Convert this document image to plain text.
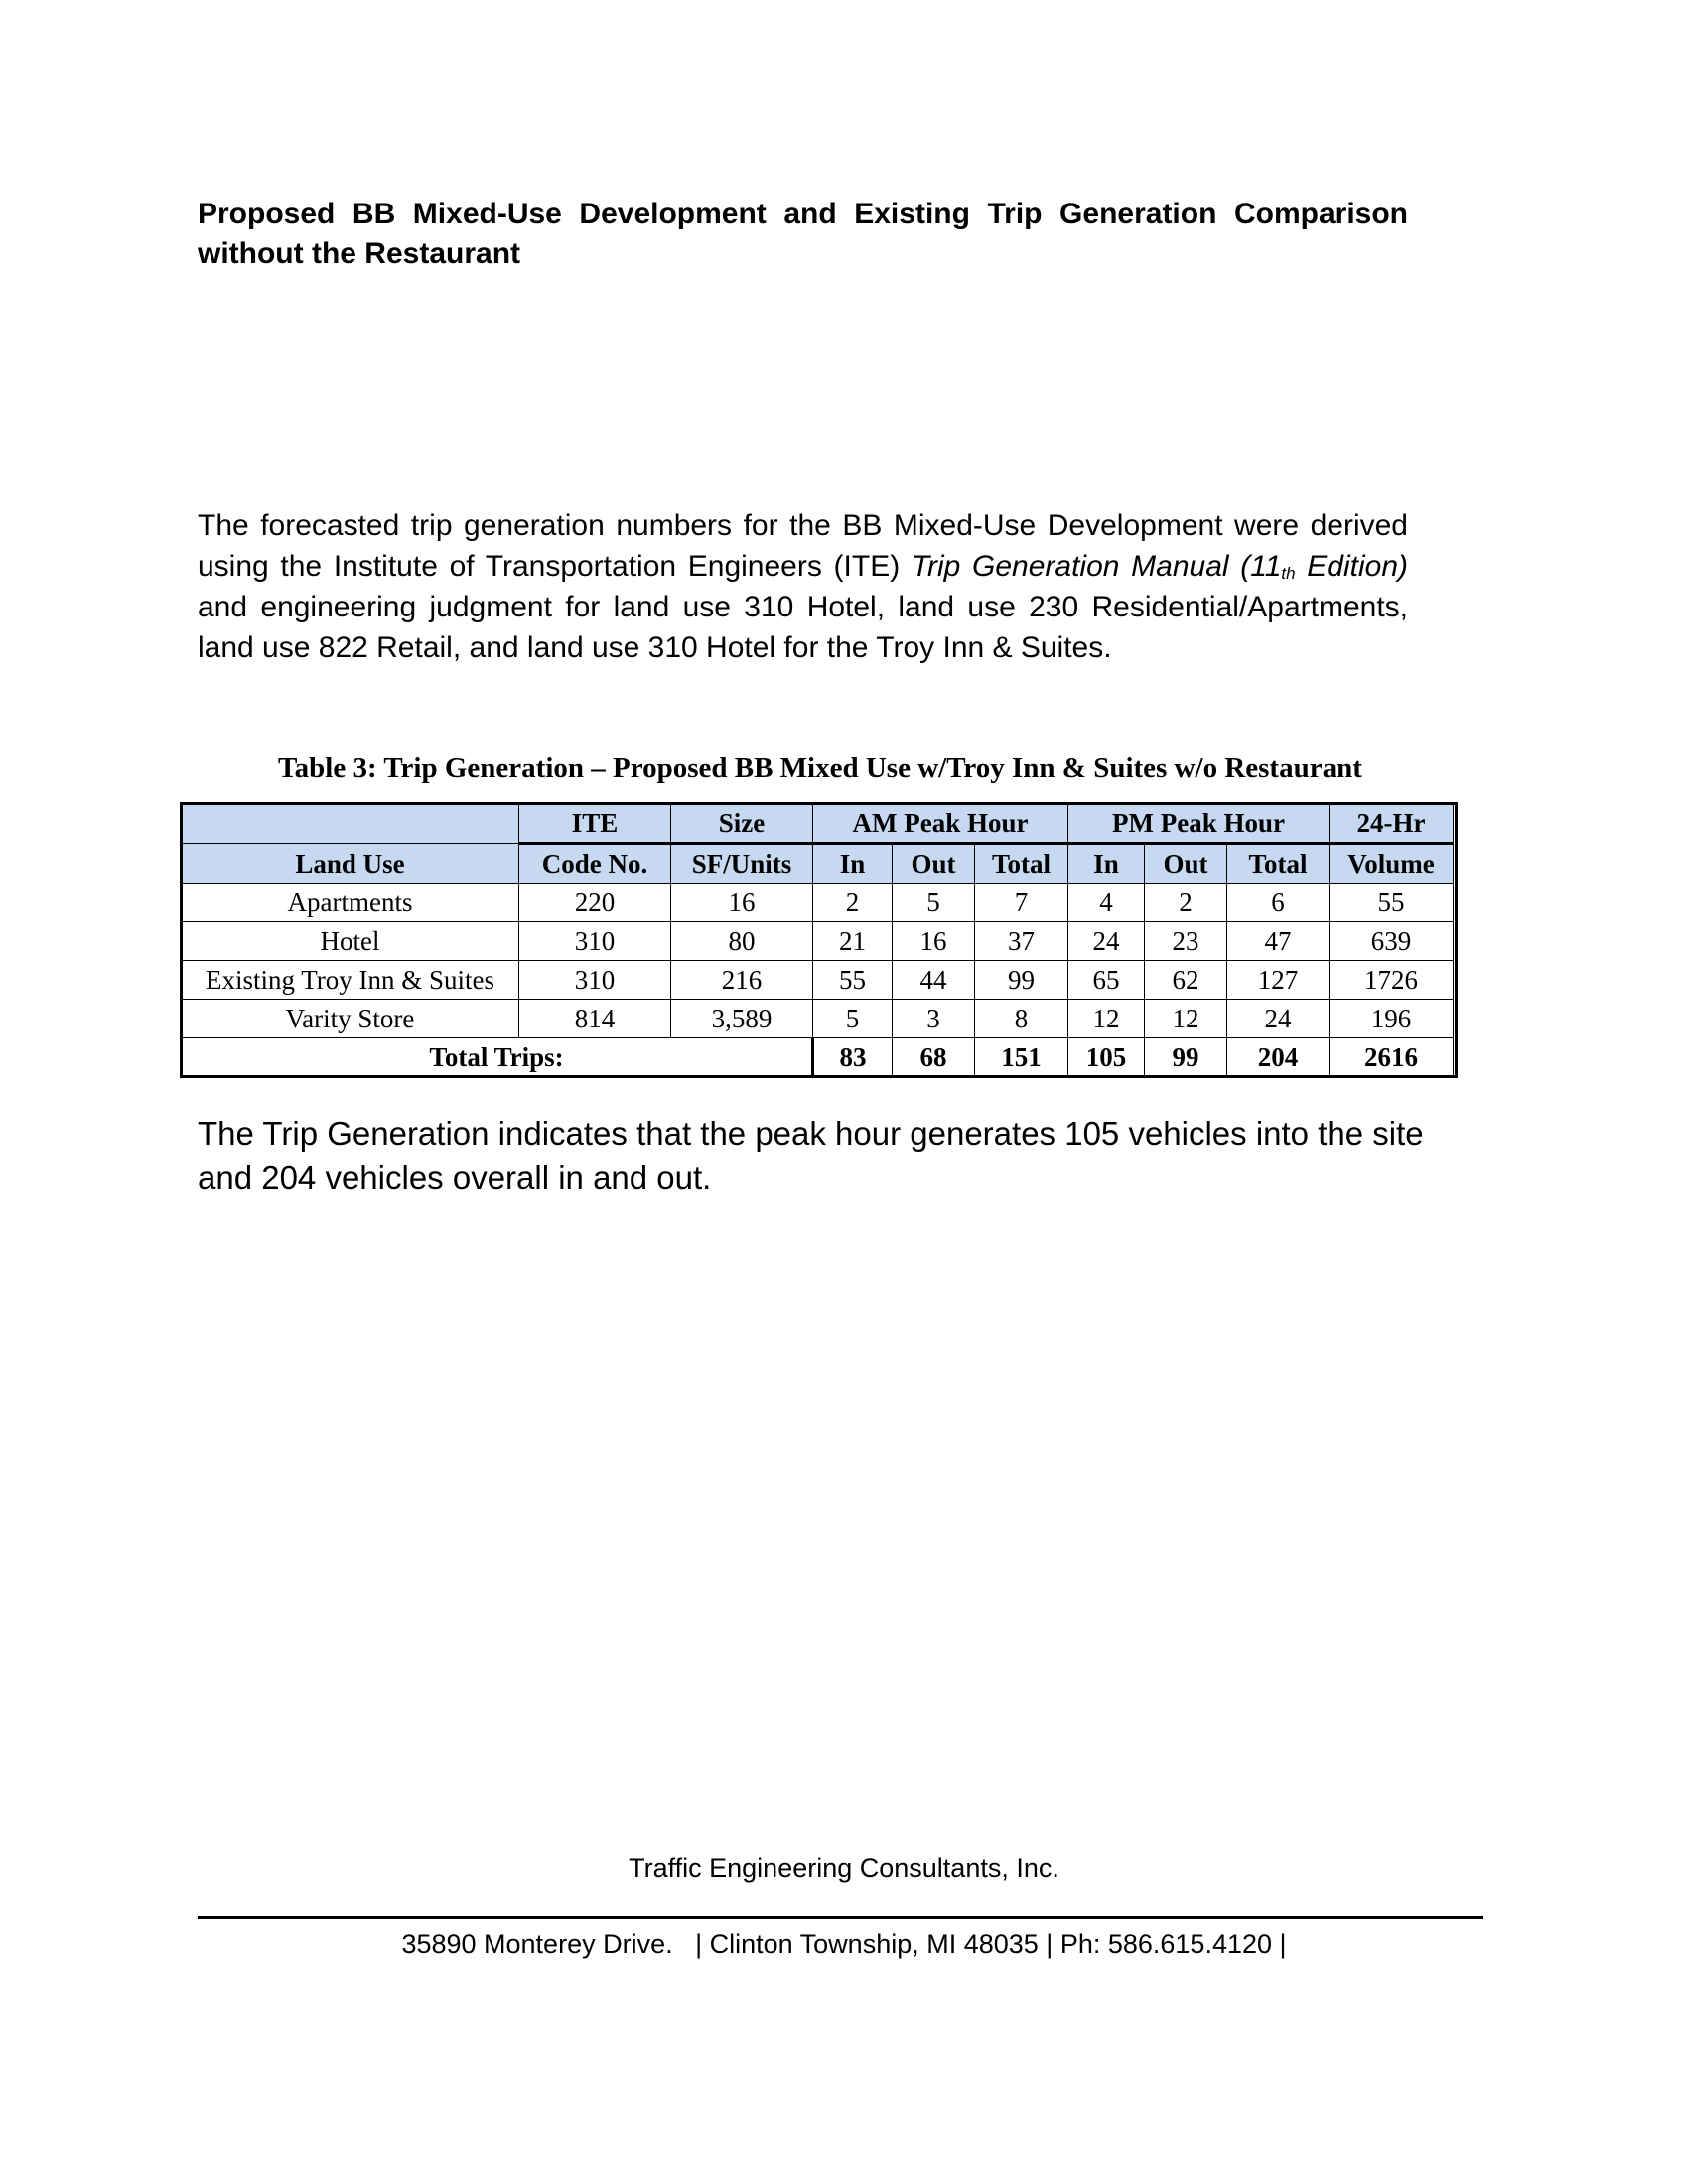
Proposed BB Mixed-Use Development and Existing Trip Generation Comparison without the Restaurant

The forecasted trip generation numbers for the BB Mixed-Use Development were derived using the Institute of Transportation Engineers (ITE) Trip Generation Manual ($11_{th}$ Edition) and engineering judgment for land use 310 Hotel, land use 230 Residential/Apartments, land use 822 Retail, and land use 310 Hotel for the Troy Inn & Suites.

Table 3: Trip Generation – Proposed BB Mixed Use w/Troy Inn & Suites w/o Restaurant
	ITE	Size	AM Peak Hour			PM Peak Hour			24-Hr
Land Use	Code No.	SF/Units	In	Out	Total	In	Out	Total	Volume
Apartments	220	16	2	5	7	4	2	6	55
Hotel	310	80	21	16	37	24	23	47	639
Existing Troy Inn & Suites	310	216	55	44	99	65	62	127	1726
Varity Store	814	3,589	5	3	8	12	12	24	196
Total Trips:			83	68	151	105	99	204	2616
The Trip Generation indicates that the peak hour generates 105 vehicles into the site and 204 vehicles overall in and out.
Traffic Engineering Consultants, Inc.
35890 Monterey Drive.   | Clinton Township, MI 48035 | Ph: 586.615.4120 |
